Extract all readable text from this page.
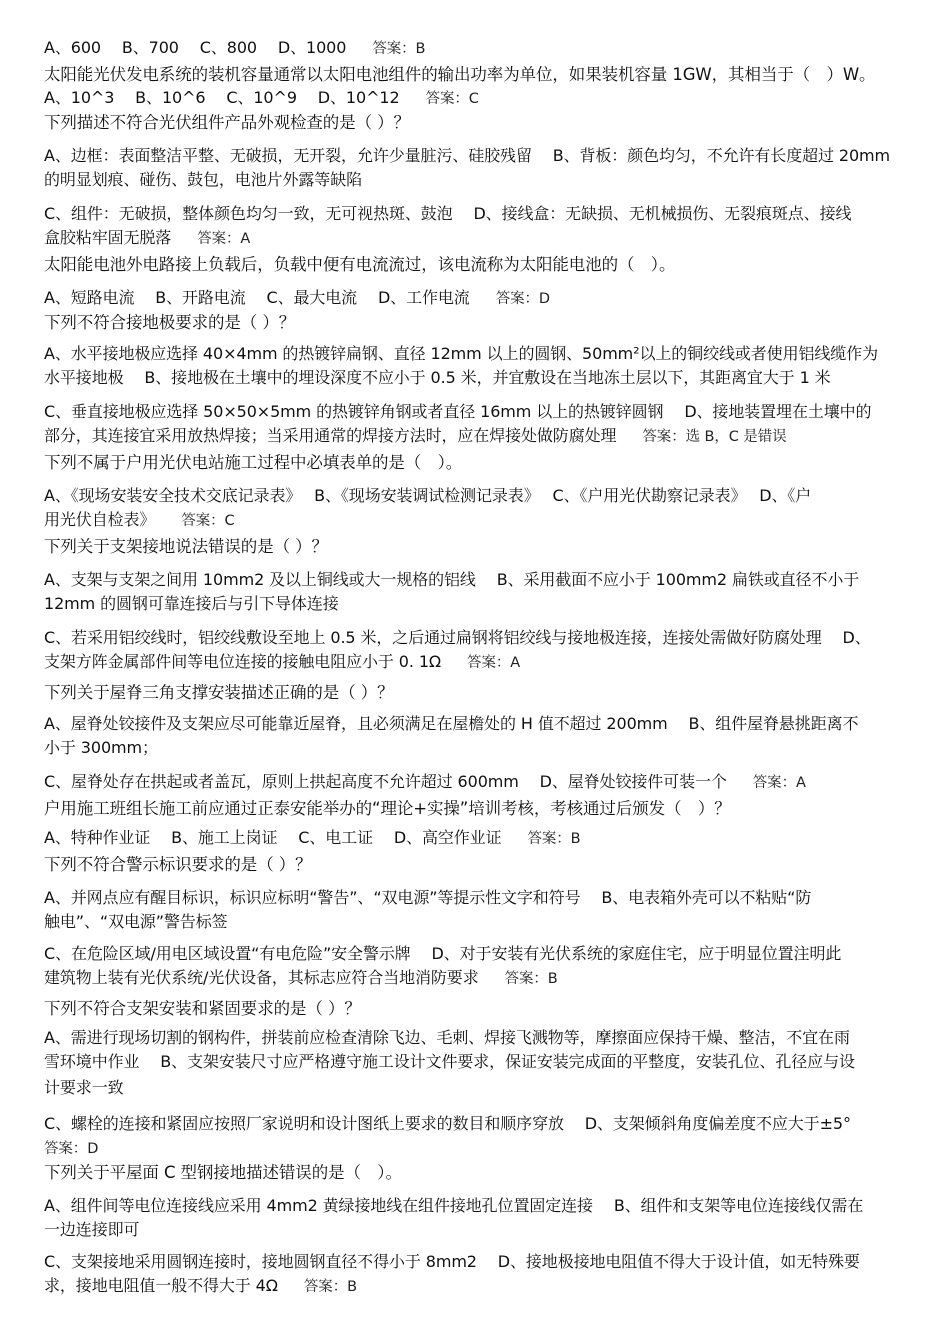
A、600　 B、700　 C、800　 D、1000 答案：B
太阳能光伏发电系统的装机容量通常以太阳电池组件的输出功率为单位，如果装机容量 1GW，其相当于（　）W。
A、10^3　 B、10^6　 C、10^9　 D、10^12 答案：C
下列描述不符合光伏组件产品外观检查的是（ ）？
A、边框：表面整洁平整、无破损，无开裂，允许少量脏污、硅胶残留　 B、背板：颜色均匀，不允许有长度超过 20mm
的明显划痕、碰伤、鼓包，电池片外露等缺陷
C、组件：无破损，整体颜色均匀一致，无可视热斑、鼓泡　 D、接线盒：无缺损、无机械损伤、无裂痕斑点、接线
盒胶粘牢固无脱落 答案：A
太阳能电池外电路接上负载后，负载中便有电流流过，该电流称为太阳能电池的（　）。
A、短路电流　 B、开路电流　 C、最大电流　 D、工作电流 答案：D
下列不符合接地极要求的是（ ）？
A、水平接地极应选择 40×4mm 的热镀锌扁钢、直径 12mm 以上的圆钢、50mm²以上的铜绞线或者使用铝线缆作为
水平接地极　 B、接地极在土壤中的埋设深度不应小于 0.5 米，并宜敷设在当地冻土层以下，其距离宜大于 1 米
C、垂直接地极应选择 50×50×5mm 的热镀锌角钢或者直径 16mm 以上的热镀锌圆钢　 D、接地装置埋在土壤中的
部分，其连接宜采用放热焊接；当采用通常的焊接方法时，应在焊接处做防腐处理 答案：选 B，C 是错误
下列不属于户用光伏电站施工过程中必填表单的是（　）。
A、《现场安装安全技术交底记录表》　 B、《现场安装调试检测记录表》　 C、《户用光伏勘察记录表》　 D、《户
用光伏自检表》 答案：C
下列关于支架接地说法错误的是（ ）？
A、支架与支架之间用 10mm2 及以上铜线或大一规格的铝线　 B、采用截面不应小于 100mm2 扁铁或直径不小于
12mm 的圆钢可靠连接后与引下导体连接
C、若采用铝绞线时，铝绞线敷设至地上 0.5 米，之后通过扁钢将铝绞线与接地极连接，连接处需做好防腐处理　 D、
支架方阵金属部件间等电位连接的接触电阻应小于 0. 1Ω 答案：A
下列关于屋脊三角支撑安装描述正确的是（ ）？
A、屋脊处铰接件及支架应尽可能靠近屋脊，且必须满足在屋檐处的 H 值不超过 200mm　 B、组件屋脊悬挑距离不
小于 300mm；
C、屋脊处存在拱起或者盖瓦，原则上拱起高度不允许超过 600mm　 D、屋脊处铰接件可装一个 答案：A
户用施工班组长施工前应通过正泰安能举办的“理论+实操”培训考核，考核通过后颁发（　）？
A、特种作业证　 B、施工上岗证　 C、电工证　 D、高空作业证 答案：B
下列不符合警示标识要求的是（ ）？
A、并网点应有醒目标识，标识应标明“警告”、“双电源”等提示性文字和符号　 B、电表箱外壳可以不粘贴“防
触电”、“双电源”警告标签
C、在危险区域/用电区域设置“有电危险”安全警示牌　 D、对于安装有光伏系统的家庭住宅，应于明显位置注明此
建筑物上装有光伏系统/光伏设备，其标志应符合当地消防要求 答案：B
下列不符合支架安装和紧固要求的是（ ）？
A、需进行现场切割的钢构件，拼装前应检查清除飞边、毛刺、焊接飞溅物等，摩擦面应保持干燥、整洁，不宜在雨
雪环境中作业　 B、支架安装尺寸应严格遵守施工设计文件要求，保证安装完成面的平整度，安装孔位、孔径应与设
计要求一致
C、螺栓的连接和紧固应按照厂家说明和设计图纸上要求的数目和顺序穿放　 D、支架倾斜角度偏差度不应大于±5°
答案：D
下列关于平屋面 C 型钢接地描述错误的是（　）。
A、组件间等电位连接线应采用 4mm2 黄绿接地线在组件接地孔位置固定连接　 B、组件和支架等电位连接线仅需在
一边连接即可
C、支架接地采用圆钢连接时，接地圆钢直径不得小于 8mm2　 D、接地极接地电阻值不得大于设计值，如无特殊要
求，接地电阻值一般不得大于 4Ω 答案：B
